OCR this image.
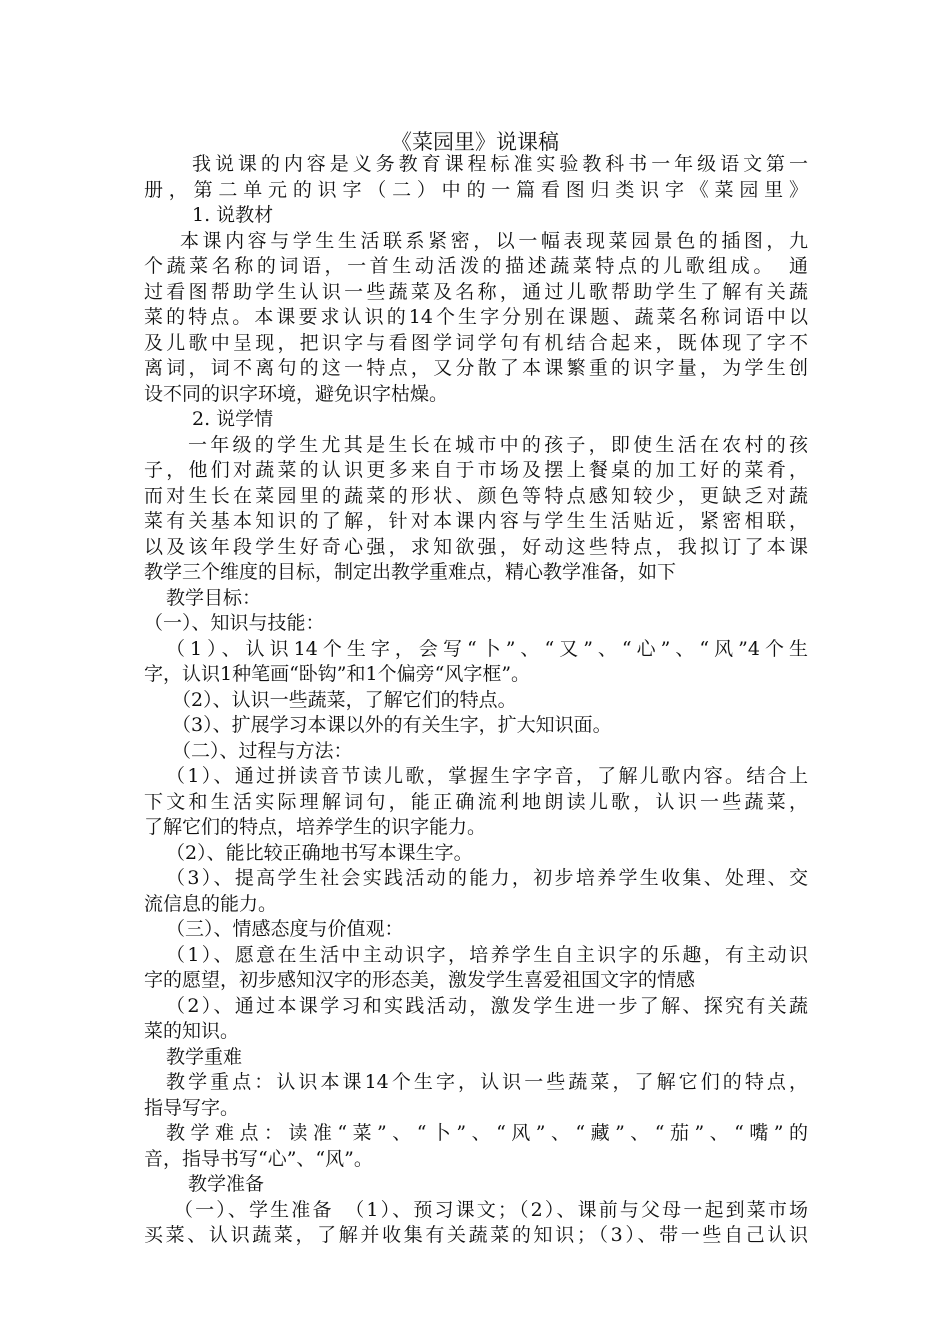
《菜园里》说课稿
我说课的内容是义务教育课程标准实验教科书一年级语文第一
册，第二单元的识字（二）中的一篇看图归类识字《菜园里》
1. 说教材
本课内容与学生生活联系紧密，以一幅表现菜园景色的插图，九
个蔬菜名称的词语，一首生动活泼的描述蔬菜特点的儿歌组成。　通
过看图帮助学生认识一些蔬菜及名称，通过儿歌帮助学生了解有关蔬
菜的特点。本课要求认识的14个生字分别在课题、蔬菜名称词语中以
及儿歌中呈现，把识字与看图学词学句有机结合起来，既体现了字不
离词，词不离句的这一特点，又分散了本课繁重的识字量，为学生创
设不同的识字环境，避免识字枯燥。
2. 说学情
一年级的学生尤其是生长在城市中的孩子，即使生活在农村的孩
子，他们对蔬菜的认识更多来自于市场及摆上餐桌的加工好的菜肴，
而对生长在菜园里的蔬菜的形状、颜色等特点感知较少，更缺乏对蔬
菜有关基本知识的了解，针对本课内容与学生生活贴近，紧密相联，
以及该年段学生好奇心强，求知欲强，好动这些特点，我拟订了本课
教学三个维度的目标，制定出教学重难点，精心教学准备，如下
教学目标：
（一）、知识与技能：
（1）、认识14个生字，会写“卜”、“又”、“心”、“风”4个生
字，认识1种笔画“卧钩”和1个偏旁“风字框”。
（2）、认识一些蔬菜，了解它们的特点。
（3）、扩展学习本课以外的有关生字，扩大知识面。
（二）、过程与方法：
（1）、通过拼读音节读儿歌，掌握生字字音，了解儿歌内容。结合上
下文和生活实际理解词句，能正确流利地朗读儿歌，认识一些蔬菜，
了解它们的特点，培养学生的识字能力。
（2）、能比较正确地书写本课生字。
（3）、提高学生社会实践活动的能力，初步培养学生收集、处理、交
流信息的能力。
（三）、情感态度与价值观：
（1）、愿意在生活中主动识字，培养学生自主识字的乐趣，有主动识
字的愿望，初步感知汉字的形态美，激发学生喜爱祖国文字的情感
（2）、通过本课学习和实践活动，激发学生进一步了解、探究有关蔬
菜的知识。
教学重难
教学重点：认识本课14个生字，认识一些蔬菜，了解它们的特点，
指导写字。
教学难点：读准“菜”、“卜”、“风”、“藏”、“茄”、“嘴”的
音，指导书写“心”、“风”。
教学准备
（一）、学生准备　（1）、预习课文；（2）、课前与父母一起到菜市场
买菜、认识蔬菜，了解并收集有关蔬菜的知识；（3）、带一些自己认识
